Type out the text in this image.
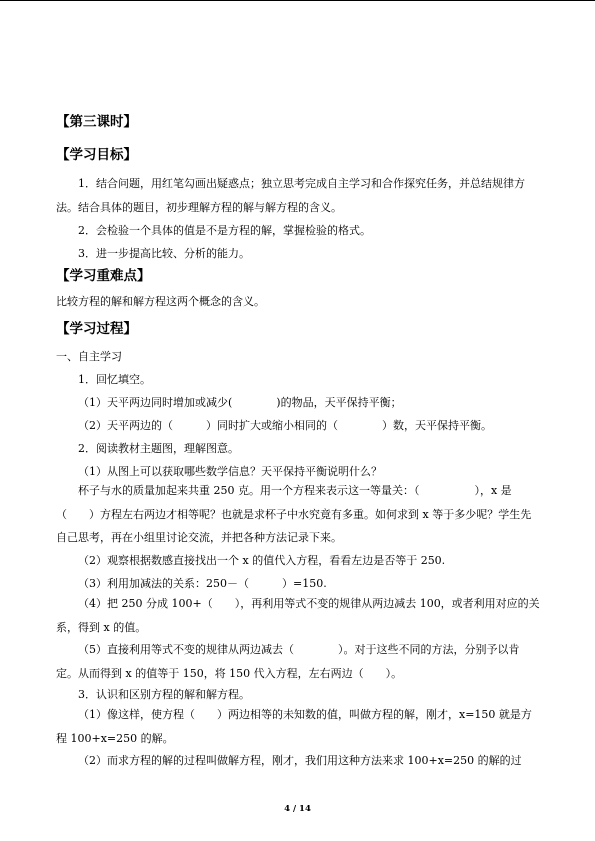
【第三课时】
【学习目标】
1．结合问题，用红笔勾画出疑惑点；独立思考完成自主学习和合作探究任务，并总结规律方法。结合具体的题目，初步理解方程的解与解方程的含义。
2．会检验一个具体的值是不是方程的解，掌握检验的格式。
3．进一步提高比较、分析的能力。
【学习重难点】
比较方程的解和解方程这两个概念的含义。
【学习过程】
一、自主学习
1．回忆填空。
（1）天平两边同时增加或减少(　　　　)的物品，天平保持平衡；
（2）天平两边的（　　　）同时扩大或缩小相同的（　　　　）数，天平保持平衡。
2．阅读教材主题图，理解图意。
（1）从图上可以获取哪些数学信息？天平保持平衡说明什么？
杯子与水的质量加起来共重 250 克。用一个方程来表示这一等量关：（　　　　　），x 是（　　）方程左右两边才相等呢？也就是求杯子中水究竟有多重。如何求到 x 等于多少呢？学生先自己思考，再在小组里讨论交流，并把各种方法记录下来。
（2）观察根据数感直接找出一个 x 的值代入方程，看看左边是否等于 250.
（3）利用加减法的关系：250－（　　　）=150.
（4）把 250 分成 100+（　　），再利用等式不变的规律从两边减去 100，或者利用对应的关系，得到 x 的值。
（5）直接利用等式不变的规律从两边减去（　　　　）。对于这些不同的方法，分别予以肯定。从而得到 x 的值等于 150，将 150 代入方程，左右两边（　　）。
3．认识和区别方程的解和解方程。
（1）像这样，使方程（　　）两边相等的未知数的值，叫做方程的解，刚才，x=150 就是方程 100+x=250 的解。
（2）而求方程的解的过程叫做解方程，刚才，我们用这种方法来求 100+x=250 的解的过
4 / 14
